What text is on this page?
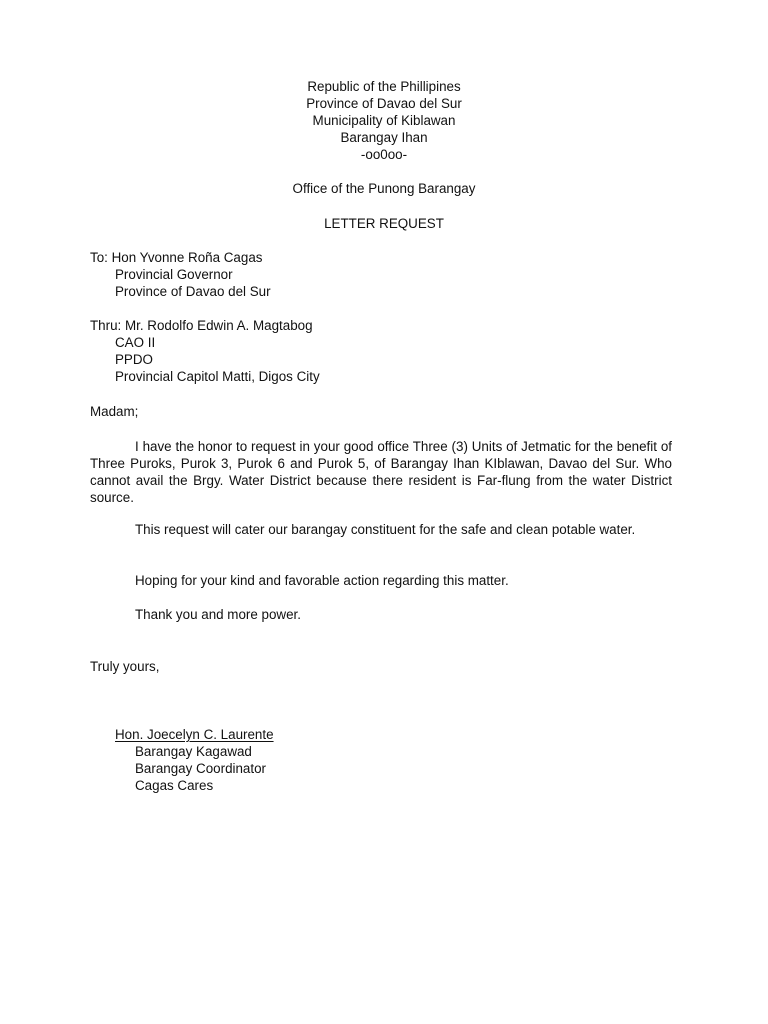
Republic of the Phillipines
Province of Davao del Sur
Municipality of Kiblawan
Barangay Ihan
-oo0oo-
Office of the Punong Barangay
LETTER REQUEST
To: Hon Yvonne Roña Cagas
Provincial Governor
Province of Davao del Sur
Thru: Mr. Rodolfo Edwin A. Magtabog
CAO II
PPDO
Provincial Capitol Matti, Digos City
Madam;
I have the honor to request in your good office Three (3) Units of Jetmatic for the benefit of Three Puroks, Purok 3, Purok 6 and Purok 5, of Barangay Ihan KIblawan, Davao del Sur. Who cannot avail the Brgy. Water District because there resident is Far-flung from the water District source.
This request will cater our barangay constituent for the safe and clean potable water.
Hoping for your kind and favorable action regarding this matter.
Thank you and more power.
Truly yours,
Hon. Joecelyn C. Laurente
Barangay Kagawad
Barangay Coordinator
Cagas Cares
